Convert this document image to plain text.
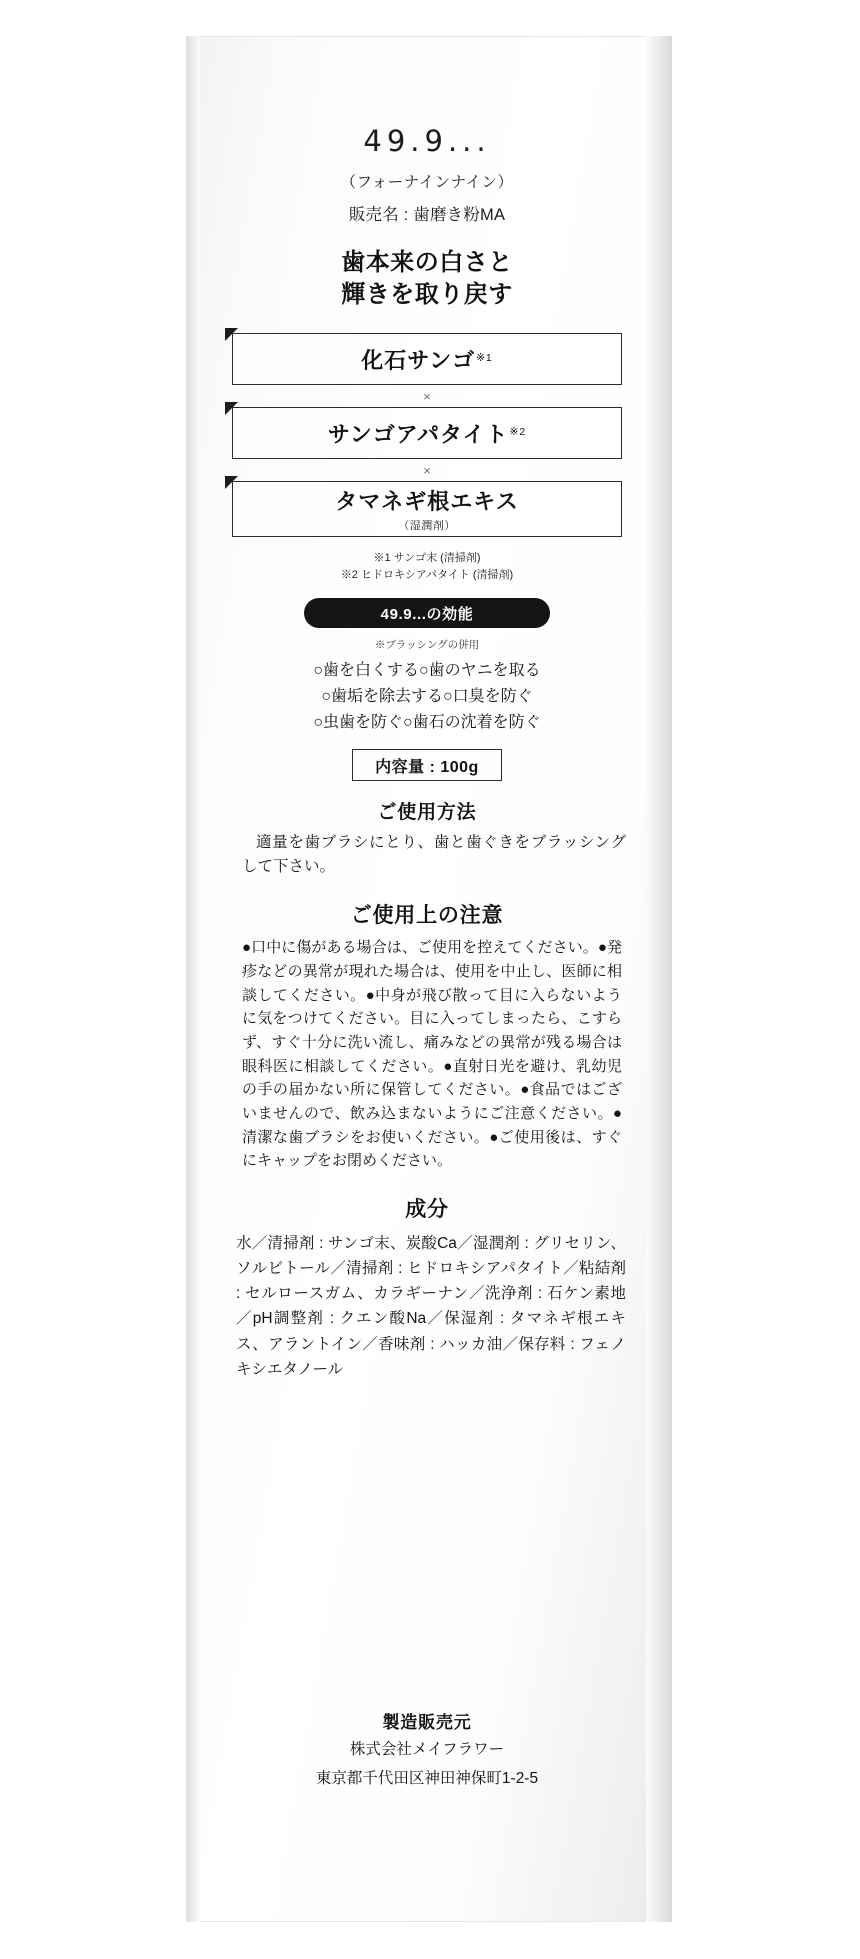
49.9...
（フォーナインナイン）
販売名 : 歯磨き粉MA
歯本来の白さと
輝きを取り戻す
化石サンゴ ※1
×
サンゴアパタイト ※2
×
タマネギ根エキス
（湿潤剤）
※1 サンゴ末 (清掃剤)
※2 ヒドロキシアパタイト (清掃剤)
49.9...の効能
※ブラッシングの併用
○歯を白くする○歯のヤニを取る
○歯垢を除去する○口臭を防ぐ
○虫歯を防ぐ○歯石の沈着を防ぐ
内容量 : 100g
ご使用方法
適量を歯ブラシにとり、歯と歯ぐきをブラッシングして下さい。
ご使用上の注意
●口中に傷がある場合は、ご使用を控えてください。●発疹などの異常が現れた場合は、使用を中止し、医師に相談してください。●中身が飛び散って目に入らないように気をつけてください。目に入ってしまったら、こすらず、すぐ十分に洗い流し、痛みなどの異常が残る場合は眼科医に相談してください。●直射日光を避け、乳幼児の手の届かない所に保管してください。●食品ではございませんので、飲み込まないようにご注意ください。●清潔な歯ブラシをお使いください。●ご使用後は、すぐにキャップをお閉めください。
成分
水／清掃剤 : サンゴ末、炭酸Ca／湿潤剤 : グリセリン、ソルビトール／清掃剤 : ヒドロキシアパタイト／粘結剤 : セルロースガム、カラギーナン／洗浄剤 : 石ケン素地／pH調整剤 : クエン酸Na／保湿剤 : タマネギ根エキス、アラントイン／香味剤 : ハッカ油／保存料 : フェノキシエタノール
製造販売元
株式会社メイフラワー
東京都千代田区神田神保町1-2-5
